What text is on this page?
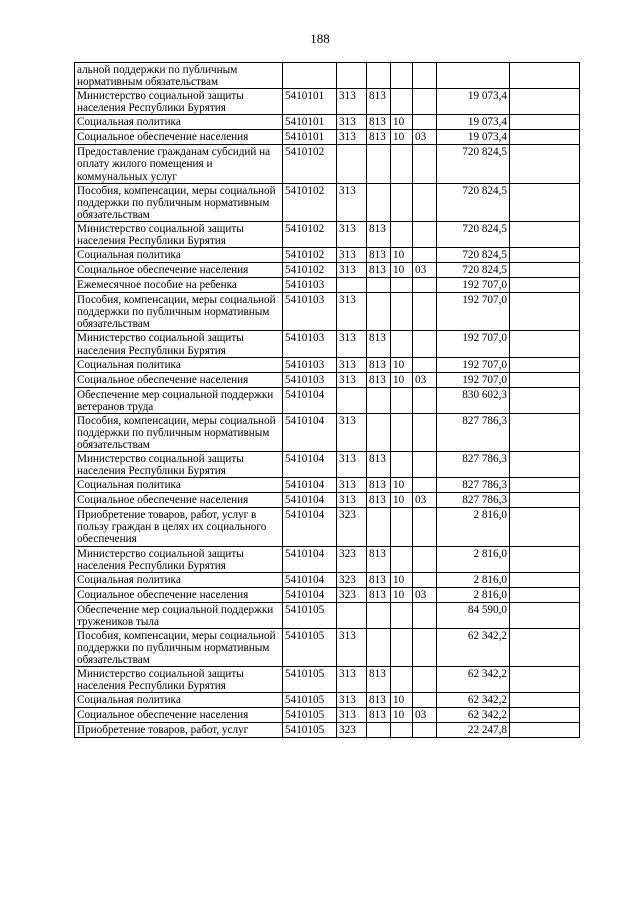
188
альной поддержки по публичным нормативным обязательствам							
Министерство социальной защиты населения Республики Бурятия	5410101	313	813			19 073,4	
Социальная политика	5410101	313	813	10		19 073,4	
Социальное обеспечение населения	5410101	313	813	10	03	19 073,4	
Предоставление гражданам субсидий на оплату жилого помещения и коммунальных услуг	5410102					720 824,5	
Пособия, компенсации, меры социальной поддержки по публичным нормативным обязательствам	5410102	313				720 824,5	
Министерство социальной защиты населения Республики Бурятия	5410102	313	813			720 824,5	
Социальная политика	5410102	313	813	10		720 824,5	
Социальное обеспечение населения	5410102	313	813	10	03	720 824,5	
Ежемесячное пособие на ребенка	5410103					192 707,0	
Пособия, компенсации, меры социальной поддержки по публичным нормативным обязательствам	5410103	313				192 707,0	
Министерство социальной защиты населения Республики Бурятия	5410103	313	813			192 707,0	
Социальная политика	5410103	313	813	10		192 707,0	
Социальное обеспечение населения	5410103	313	813	10	03	192 707,0	
Обеспечение мер социальной поддержки ветеранов труда	5410104					830 602,3	
Пособия, компенсации, меры социальной поддержки по публичным нормативным обязательствам	5410104	313				827 786,3	
Министерство социальной защиты населения Республики Бурятия	5410104	313	813			827 786,3	
Социальная политика	5410104	313	813	10		827 786,3	
Социальное обеспечение населения	5410104	313	813	10	03	827 786,3	
Приобретение товаров, работ, услуг в пользу граждан в целях их социального обеспечения	5410104	323				2 816,0	
Министерство социальной защиты населения Республики Бурятия	5410104	323	813			2 816,0	
Социальная политика	5410104	323	813	10		2 816,0	
Социальное обеспечение населения	5410104	323	813	10	03	2 816,0	
Обеспечение мер социальной поддержки тружеников тыла	5410105					84 590,0	
Пособия, компенсации, меры социальной поддержки по публичным нормативным обязательствам	5410105	313				62 342,2	
Министерство социальной защиты населения Республики Бурятия	5410105	313	813			62 342,2	
Социальная политика	5410105	313	813	10		62 342,2	
Социальное обеспечение населения	5410105	313	813	10	03	62 342,2	
Приобретение товаров, работ, услуг	5410105	323				22 247,8	
